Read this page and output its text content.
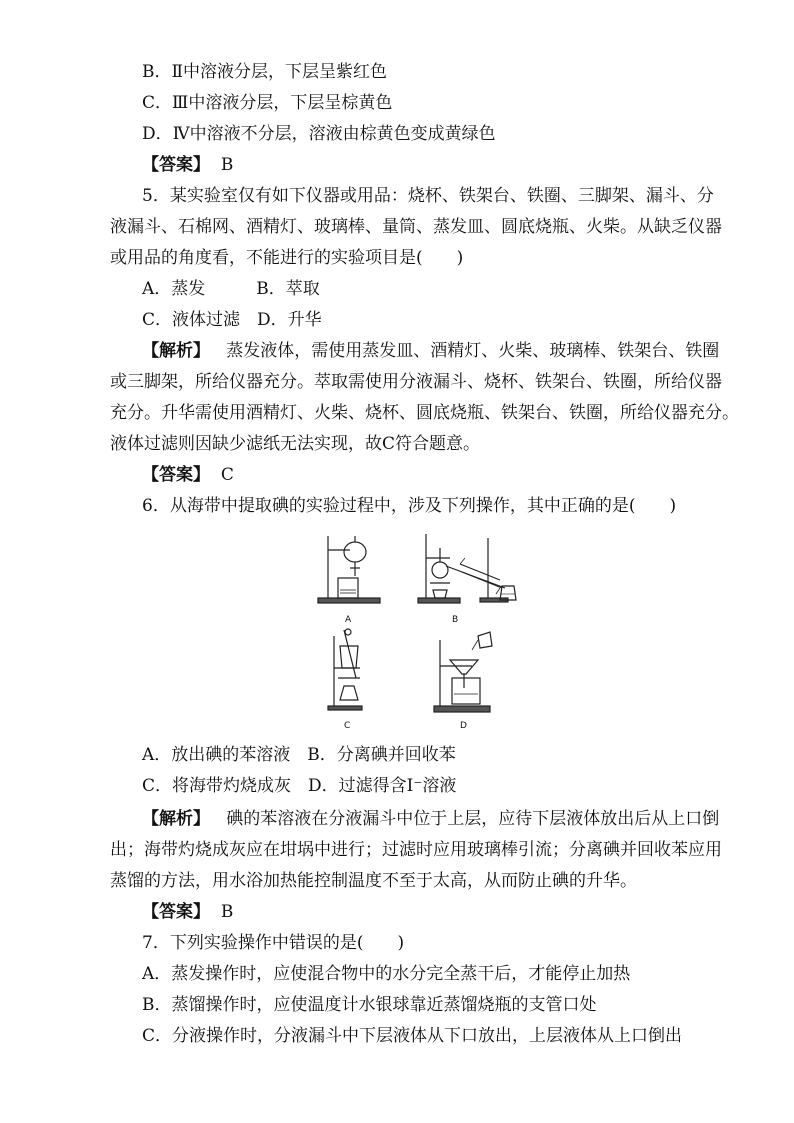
B．Ⅱ中溶液分层，下层呈紫红色
C．Ⅲ中溶液分层，下层呈棕黄色
D．Ⅳ中溶液不分层，溶液由棕黄色变成黄绿色
【答案】 B
5．某实验室仅有如下仪器或用品：烧杯、铁架台、铁圈、三脚架、漏斗、分
液漏斗、石棉网、酒精灯、玻璃棒、量筒、蒸发皿、圆底烧瓶、火柴。从缺乏仪器
或用品的角度看，不能进行的实验项目是(　　)
A．蒸发　　　B．萃取
C．液体过滤　D．升华
【解析】 蒸发液体，需使用蒸发皿、酒精灯、火柴、玻璃棒、铁架台、铁圈
或三脚架，所给仪器充分。萃取需使用分液漏斗、烧杯、铁架台、铁圈，所给仪器
充分。升华需使用酒精灯、火柴、烧杯、圆底烧瓶、铁架台、铁圈，所给仪器充分。
液体过滤则因缺少滤纸无法实现，故C符合题意。
【答案】 C
6．从海带中提取碘的实验过程中，涉及下列操作，其中正确的是(　　)
A	B
C	D
A．放出碘的苯溶液　B．分离碘并回收苯
C．将海带灼烧成灰　D．过滤得含I⁻溶液
【解析】 碘的苯溶液在分液漏斗中位于上层，应待下层液体放出后从上口倒
出；海带灼烧成灰应在坩埚中进行；过滤时应用玻璃棒引流；分离碘并回收苯应用
蒸馏的方法，用水浴加热能控制温度不至于太高，从而防止碘的升华。
【答案】 B
7．下列实验操作中错误的是(　　)
A．蒸发操作时，应使混合物中的水分完全蒸干后，才能停止加热
B．蒸馏操作时，应使温度计水银球靠近蒸馏烧瓶的支管口处
C．分液操作时，分液漏斗中下层液体从下口放出，上层液体从上口倒出
